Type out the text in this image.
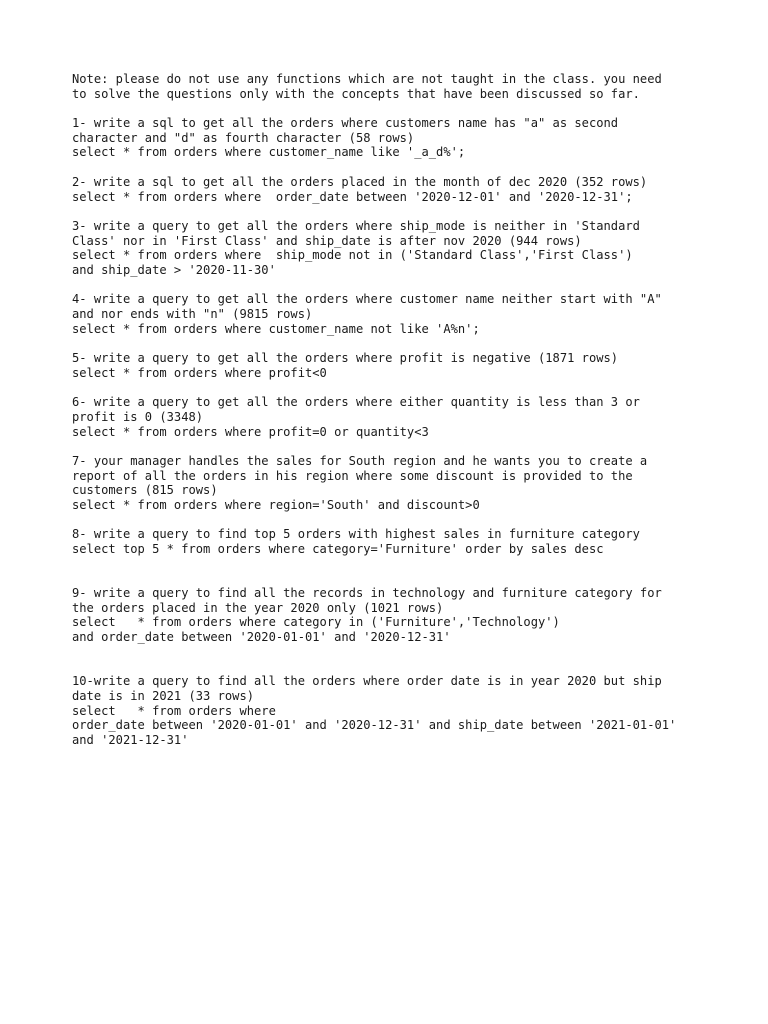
Note: please do not use any functions which are not taught in the class. you need
to solve the questions only with the concepts that have been discussed so far.
1- write a sql to get all the orders where customers name has "a" as second
character and "d" as fourth character (58 rows)
select * from orders where customer_name like '_a_d%';
2- write a sql to get all the orders placed in the month of dec 2020 (352 rows)
select * from orders where  order_date between '2020-12-01' and '2020-12-31';
3- write a query to get all the orders where ship_mode is neither in 'Standard
Class' nor in 'First Class' and ship_date is after nov 2020 (944 rows)
select * from orders where  ship_mode not in ('Standard Class','First Class')
and ship_date > '2020-11-30'
4- write a query to get all the orders where customer name neither start with "A"
and nor ends with "n" (9815 rows)
select * from orders where customer_name not like 'A%n';
5- write a query to get all the orders where profit is negative (1871 rows)
select * from orders where profit<0
6- write a query to get all the orders where either quantity is less than 3 or
profit is 0 (3348)
select * from orders where profit=0 or quantity<3
7- your manager handles the sales for South region and he wants you to create a
report of all the orders in his region where some discount is provided to the
customers (815 rows)
select * from orders where region='South' and discount>0
8- write a query to find top 5 orders with highest sales in furniture category
select top 5 * from orders where category='Furniture' order by sales desc
9- write a query to find all the records in technology and furniture category for
the orders placed in the year 2020 only (1021 rows)
select   * from orders where category in ('Furniture','Technology')
and order_date between '2020-01-01' and '2020-12-31'
10-write a query to find all the orders where order date is in year 2020 but ship
date is in 2021 (33 rows)
select   * from orders where
order_date between '2020-01-01' and '2020-12-31' and ship_date between '2021-01-01'
and '2021-12-31'
